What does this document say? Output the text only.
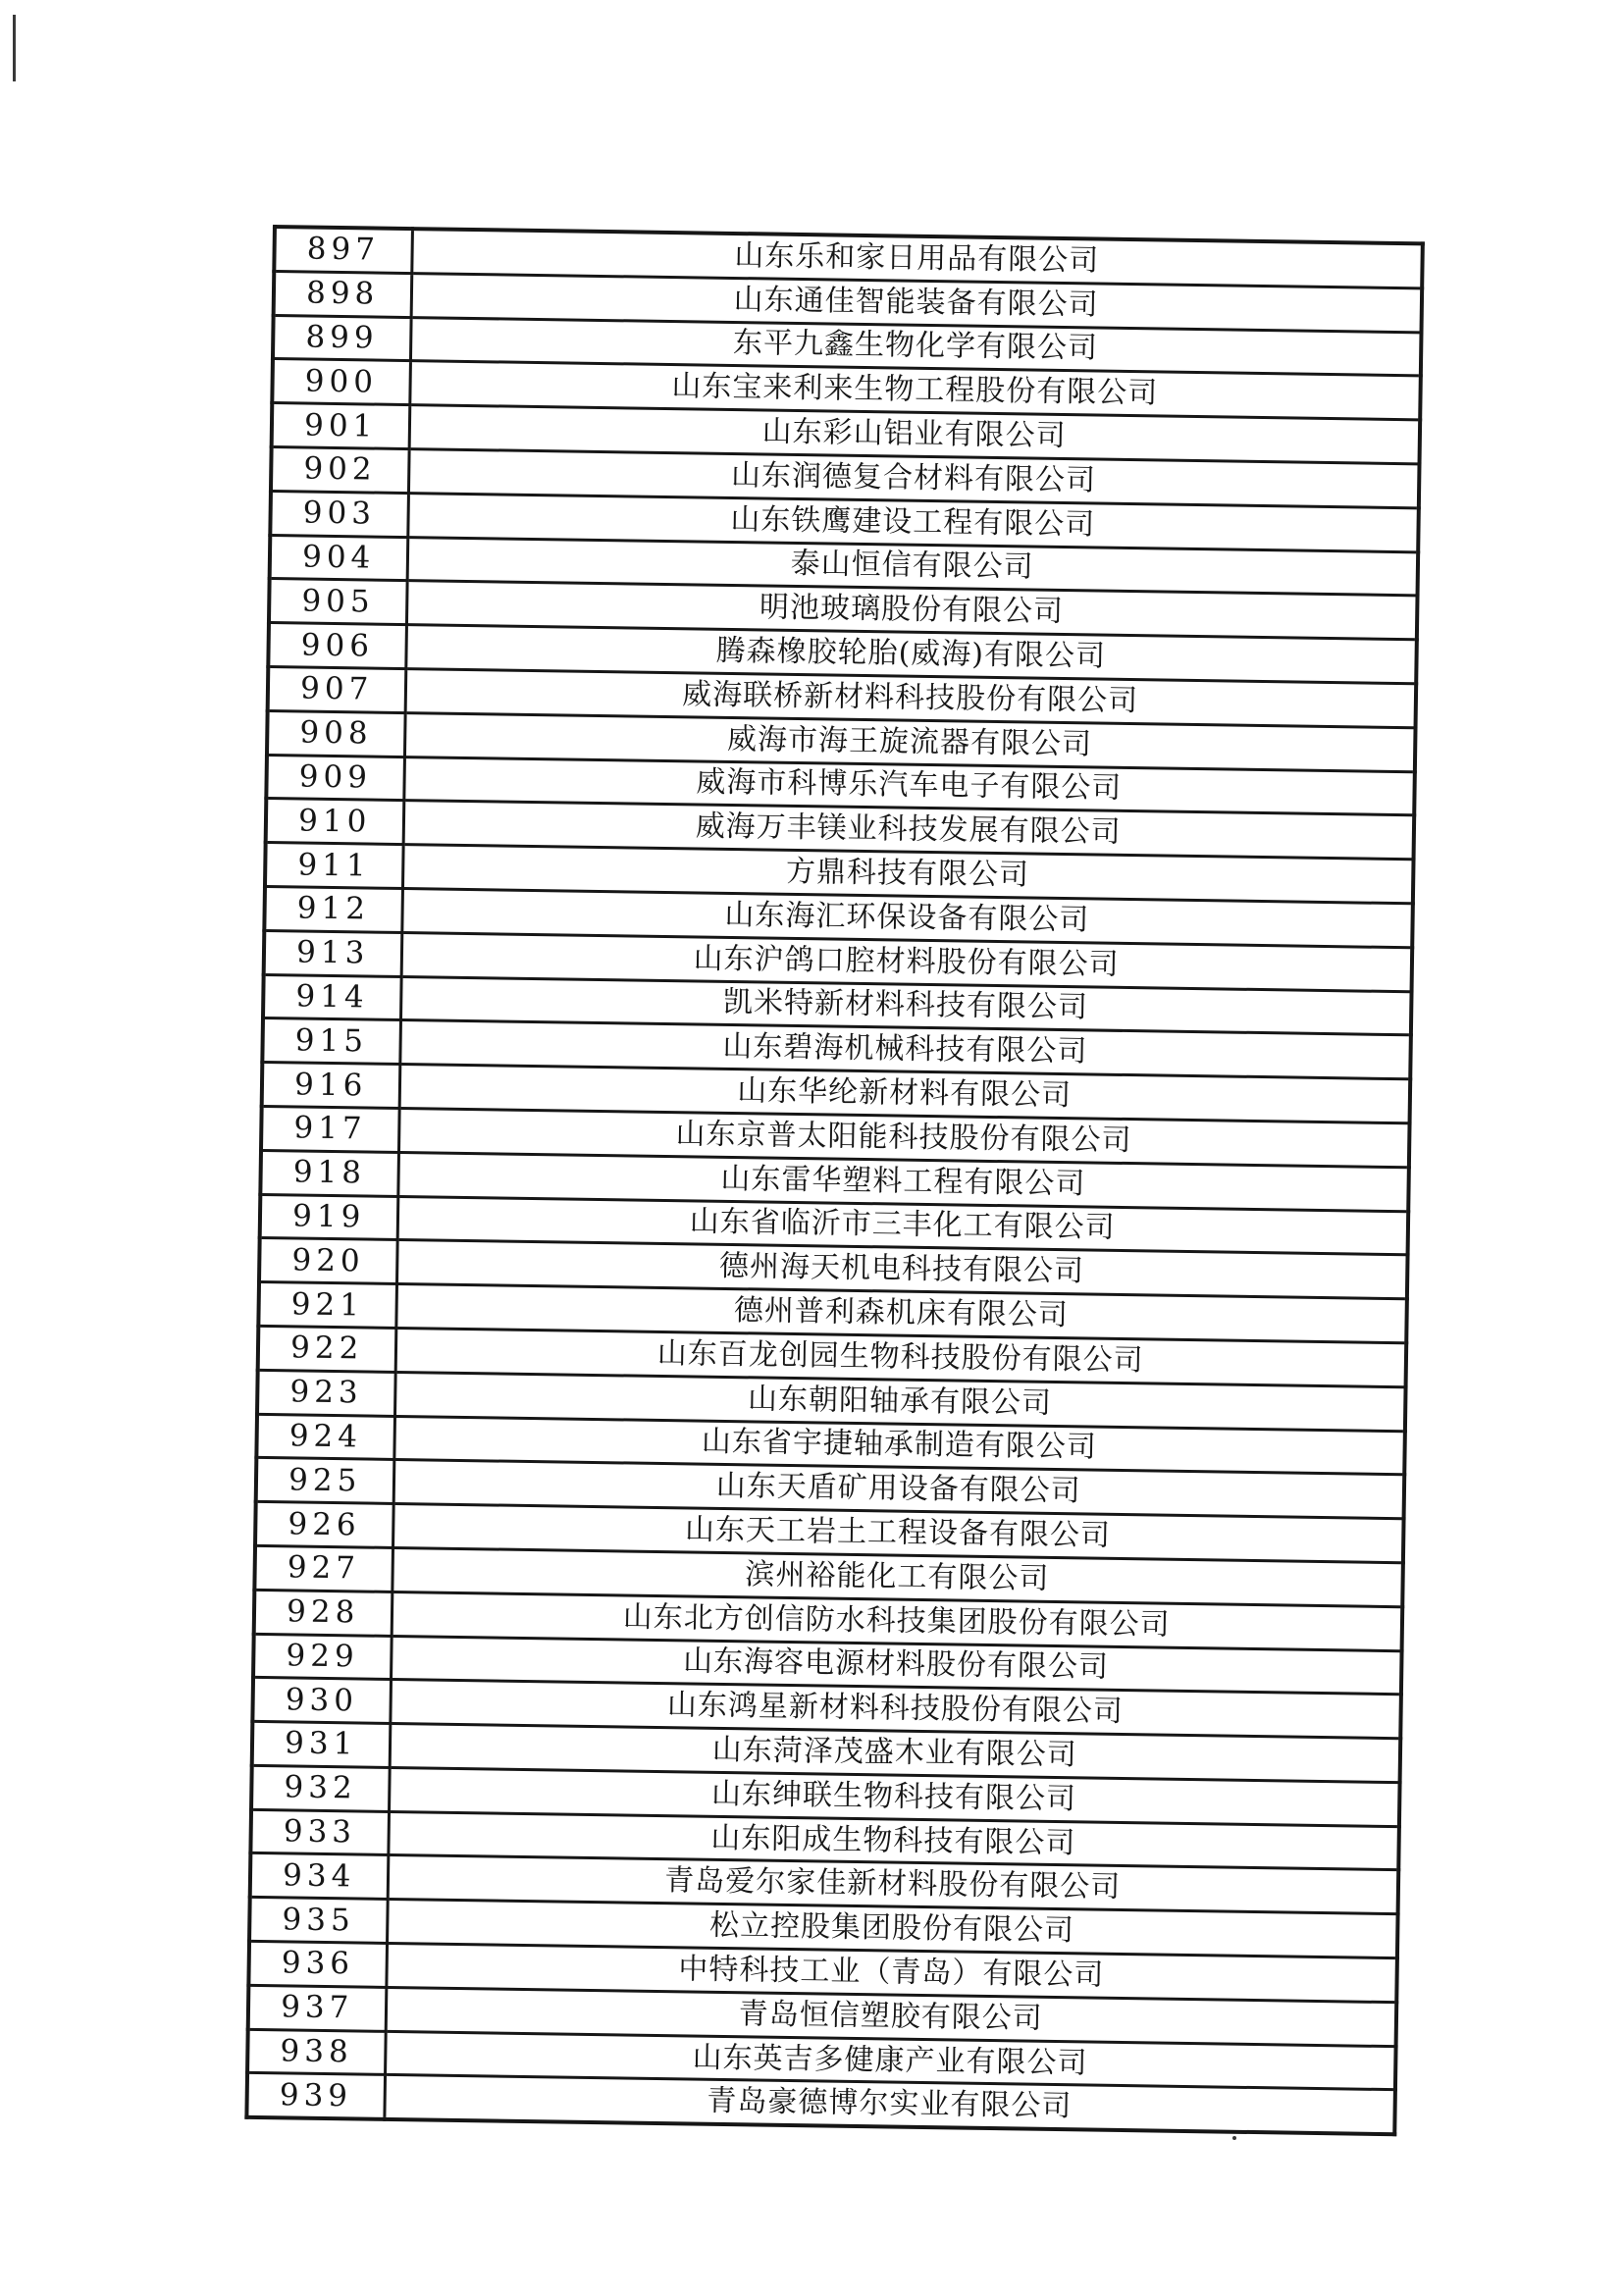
897	山东乐和家日用品有限公司
898	山东通佳智能装备有限公司
899	东平九鑫生物化学有限公司
900	山东宝来利来生物工程股份有限公司
901	山东彩山铝业有限公司
902	山东润德复合材料有限公司
903	山东铁鹰建设工程有限公司
904	泰山恒信有限公司
905	明池玻璃股份有限公司
906	腾森橡胶轮胎(威海)有限公司
907	威海联桥新材料科技股份有限公司
908	威海市海王旋流器有限公司
909	威海市科博乐汽车电子有限公司
910	威海万丰镁业科技发展有限公司
911	方鼎科技有限公司
912	山东海汇环保设备有限公司
913	山东沪鸽口腔材料股份有限公司
914	凯米特新材料科技有限公司
915	山东碧海机械科技有限公司
916	山东华纶新材料有限公司
917	山东京普太阳能科技股份有限公司
918	山东雷华塑料工程有限公司
919	山东省临沂市三丰化工有限公司
920	德州海天机电科技有限公司
921	德州普利森机床有限公司
922	山东百龙创园生物科技股份有限公司
923	山东朝阳轴承有限公司
924	山东省宇捷轴承制造有限公司
925	山东天盾矿用设备有限公司
926	山东天工岩土工程设备有限公司
927	滨州裕能化工有限公司
928	山东北方创信防水科技集团股份有限公司
929	山东海容电源材料股份有限公司
930	山东鸿星新材料科技股份有限公司
931	山东菏泽茂盛木业有限公司
932	山东绅联生物科技有限公司
933	山东阳成生物科技有限公司
934	青岛爱尔家佳新材料股份有限公司
935	松立控股集团股份有限公司
936	中特科技工业（青岛）有限公司
937	青岛恒信塑胶有限公司
938	山东英吉多健康产业有限公司
939	青岛豪德博尔实业有限公司
